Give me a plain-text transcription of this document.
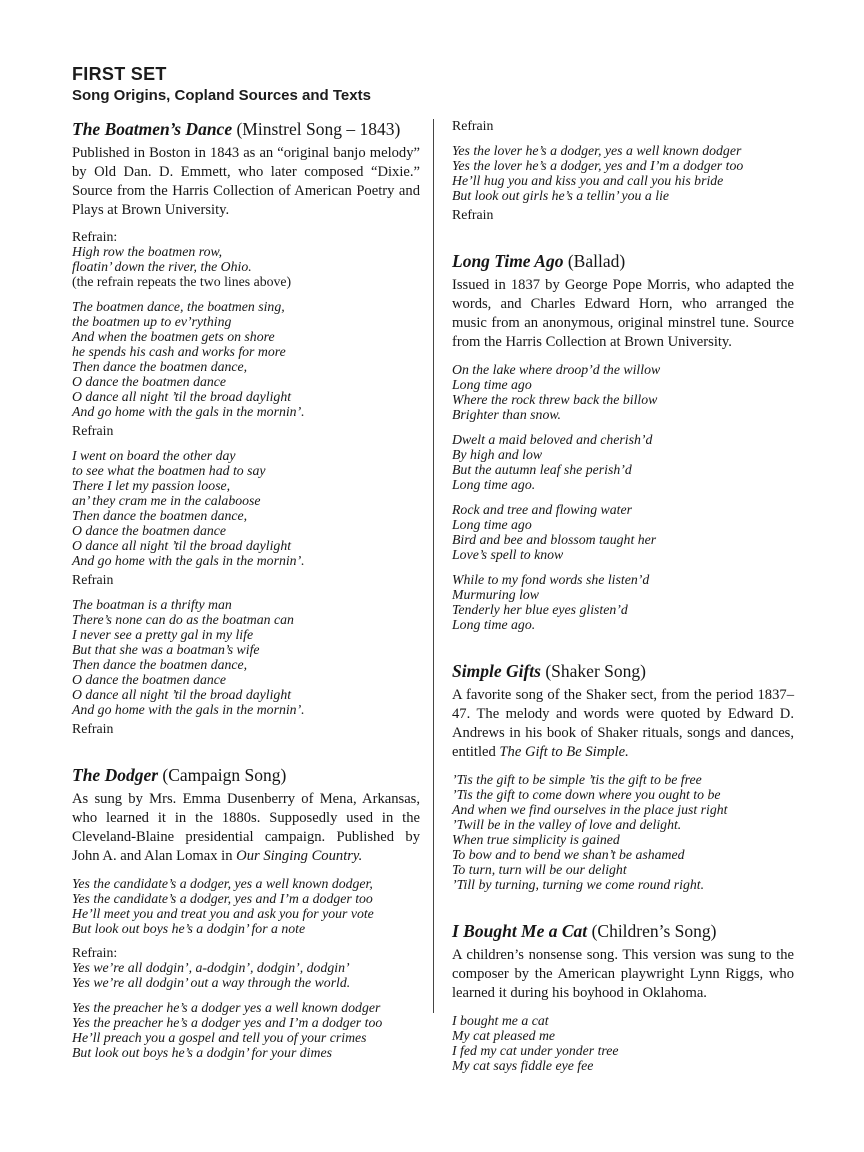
FIRST SET
Song Origins, Copland Sources and Texts
The Boatmen’s Dance (Minstrel Song – 1843)

Published in Boston in 1843 as an “original banjo melody” by Old Dan. D. Emmett, who later composed “Dixie.” Source from the Harris Collection of American Poetry and Plays at Brown University.

Refrain:
High row the boatmen row,
floatin’ down the river, the Ohio.
(the refrain repeats the two lines above)
The boatmen dance, the boatmen sing,
the boatmen up to ev’rything
And when the boatmen gets on shore
he spends his cash and works for more
Then dance the boatmen dance,
O dance the boatmen dance
O dance all night ’til the broad daylight
And go home with the gals in the mornin’.
Refrain
I went on board the other day
to see what the boatmen had to say
There I let my passion loose,
an’ they cram me in the calaboose
Then dance the boatmen dance,
O dance the boatmen dance
O dance all night ’til the broad daylight
And go home with the gals in the mornin’.
Refrain
The boatman is a thrifty man
There’s none can do as the boatman can
I never see a pretty gal in my life
But that she was a boatman’s wife
Then dance the boatmen dance,
O dance the boatmen dance
O dance all night ’til the broad daylight
And go home with the gals in the mornin’.
Refrain
The Dodger (Campaign Song)

As sung by Mrs. Emma Dusenberry of Mena, Arkansas, who learned it in the 1880s. Supposedly used in the Cleveland-Blaine presidential campaign. Published by John A. and Alan Lomax in Our Singing Country.

Yes the candidate’s a dodger, yes a well known dodger,
Yes the candidate’s a dodger, yes and I’m a dodger too
He’ll meet you and treat you and ask you for your vote
But look out boys he’s a dodgin’ for a note
Refrain:
Yes we’re all dodgin’, a-dodgin’, dodgin’, dodgin’
Yes we’re all dodgin’ out a way through the world.
Yes the preacher he’s a dodger yes a well known dodger
Yes the preacher he’s a dodger yes and I’m a dodger too
He’ll preach you a gospel and tell you of your crimes
But look out boys he’s a dodgin’ for your dimes
Refrain
Yes the lover he’s a dodger, yes a well known dodger
Yes the lover he’s a dodger, yes and I’m a dodger too
He’ll hug you and kiss you and call you his bride
But look out girls he’s a tellin’ you a lie
Refrain
Long Time Ago (Ballad)

Issued in 1837 by George Pope Morris, who adapted the words, and Charles Edward Horn, who arranged the music from an anonymous, original minstrel tune. Source from the Harris Collection at Brown University.

On the lake where droop’d the willow
Long time ago
Where the rock threw back the billow
Brighter than snow.
Dwelt a maid beloved and cherish’d
By high and low
But the autumn leaf she perish’d
Long time ago.
Rock and tree and flowing water
Long time ago
Bird and bee and blossom taught her
Love’s spell to know
While to my fond words she listen’d
Murmuring low
Tenderly her blue eyes glisten’d
Long time ago.
Simple Gifts (Shaker Song)

A favorite song of the Shaker sect, from the period 1837–47. The melody and words were quoted by Edward D. Andrews in his book of Shaker rituals, songs and dances, entitled The Gift to Be Simple.

’Tis the gift to be simple ’tis the gift to be free
’Tis the gift to come down where you ought to be
And when we find ourselves in the place just right
’Twill be in the valley of love and delight.
When true simplicity is gained
To bow and to bend we shan’t be ashamed
To turn, turn will be our delight
’Till by turning, turning we come round right.
I Bought Me a Cat (Children’s Song)

A children’s nonsense song. This version was sung to the composer by the American playwright Lynn Riggs, who learned it during his boyhood in Oklahoma.

I bought me a cat
My cat pleased me
I fed my cat under yonder tree
My cat says fiddle eye fee
